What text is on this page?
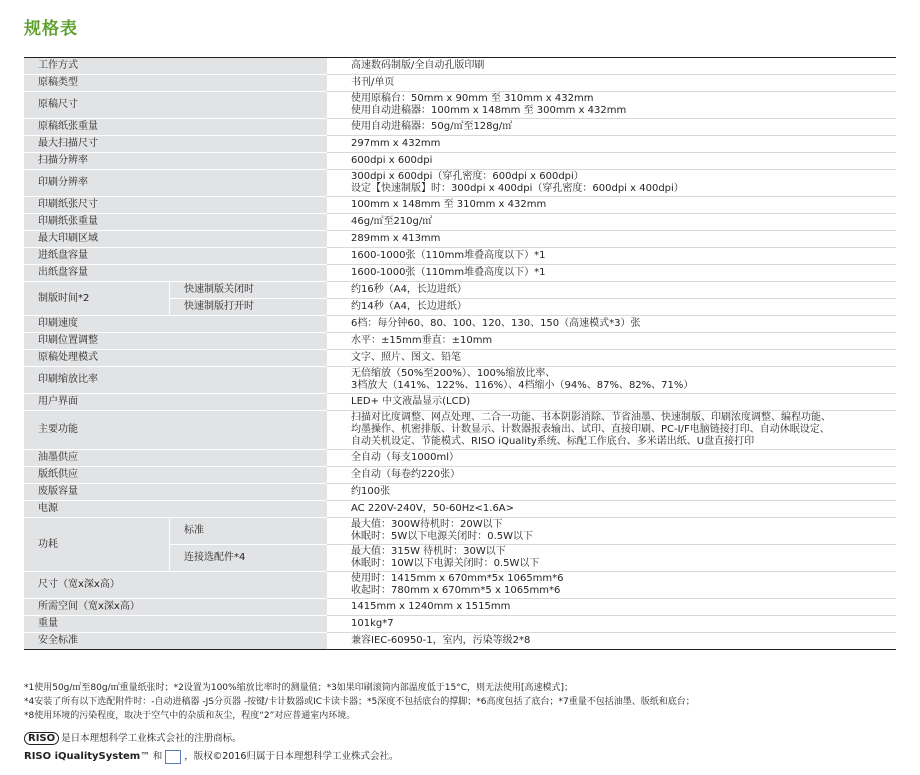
规格表
工作方式		高速数码制版/全自动孔版印刷

原稿类型		书刊/单页

原稿尺寸		使用原稿台：50mm x 90mm 至 310mm x 432mm
使用自动进稿器：100mm x 148mm 至 300mm x 432mm

原稿纸张重量		使用自动进稿器：50g/㎡至128g/㎡

最大扫描尺寸		297mm x 432mm

扫描分辨率		600dpi x 600dpi

印刷分辨率		300dpi x 600dpi（穿孔密度：600dpi x 600dpi）
设定【快速制版】时：300dpi x 400dpi（穿孔密度：600dpi x 400dpi）

印刷纸张尺寸		100mm x 148mm 至 310mm x 432mm

印刷纸张重量		46g/㎡至210g/㎡

最大印刷区域		289mm x 413mm

进纸盘容量		1600-1000张（110mm堆叠高度以下）*1

出纸盘容量		1600-1000张（110mm堆叠高度以下）*1

制版时间*2	快速制版关闭时	约16秒（A4，长边进纸）

	快速制版打开时	约14秒（A4，长边进纸）

印刷速度		6档：每分钟60、80、100、120、130、150（高速模式*3）张

印刷位置调整		水平：±15mm垂直：±10mm

原稿处理模式		文字、照片、图文、铅笔

印刷缩放比率		无倍缩放（50%至200%）、100%缩放比率、
3档放大（141%、122%、116%）、4档缩小（94%、87%、82%、71%）

用户界面		LED+ 中文液晶显示(LCD)

主要功能		扫描对比度调整、网点处理、二合一功能、书本阴影消除、节省油墨、快速制版、印刷浓度调整、编程功能、
均墨操作、机密排版、计数显示、计数器报表输出、试印、直接印刷、PC-I/F电脑链接打印、自动休眠设定、
自动关机设定、节能模式、RISO iQuality系统、标配工作底台、多米诺出纸、U盘直接打印

油墨供应		全自动（每支1000ml）

版纸供应		全自动（每卷约220张）

废版容量		约100张

电源		AC 220V-240V，50-60Hz<1.6A>

功耗	标准	最大值：300W待机时：20W以下
休眠时：5W以下电源关闭时：0.5W以下

	连接选配件*4	最大值：315W 待机时：30W以下
休眠时：10W以下电源关闭时：0.5W以下

尺寸（宽x深x高）		使用时：1415mm x 670mm*5x 1065mm*6
收起时：780mm x 670mm*5 x 1065mm*6

所需空间（宽x深x高）		1415mm x 1240mm x 1515mm

重量		101kg*7

安全标准		兼容IEC-60950-1，室内，污染等级2*8
*1使用50g/㎡至80g/㎡重量纸张时；*2设置为100%缩放比率时的测量值；*3如果印刷滚筒内部温度低于15°C，则无法使用[高速模式]；
*4安装了所有以下选配附件时：-自动进稿器 -JS分页器 -按键/卡计数器或IC卡读卡器；*5深度不包括底台的撑脚；*6高度包括了底台；*7重量不包括油墨、版纸和底台；
*8使用环境的污染程度，取决于空气中的杂质和灰尘，程度“2”对应普通室内环境。
RISO 是日本理想科学工业株式会社的注册商标。
RISO iQualitySystem™ 和 ，版权©2016归属于日本理想科学工业株式会社。
